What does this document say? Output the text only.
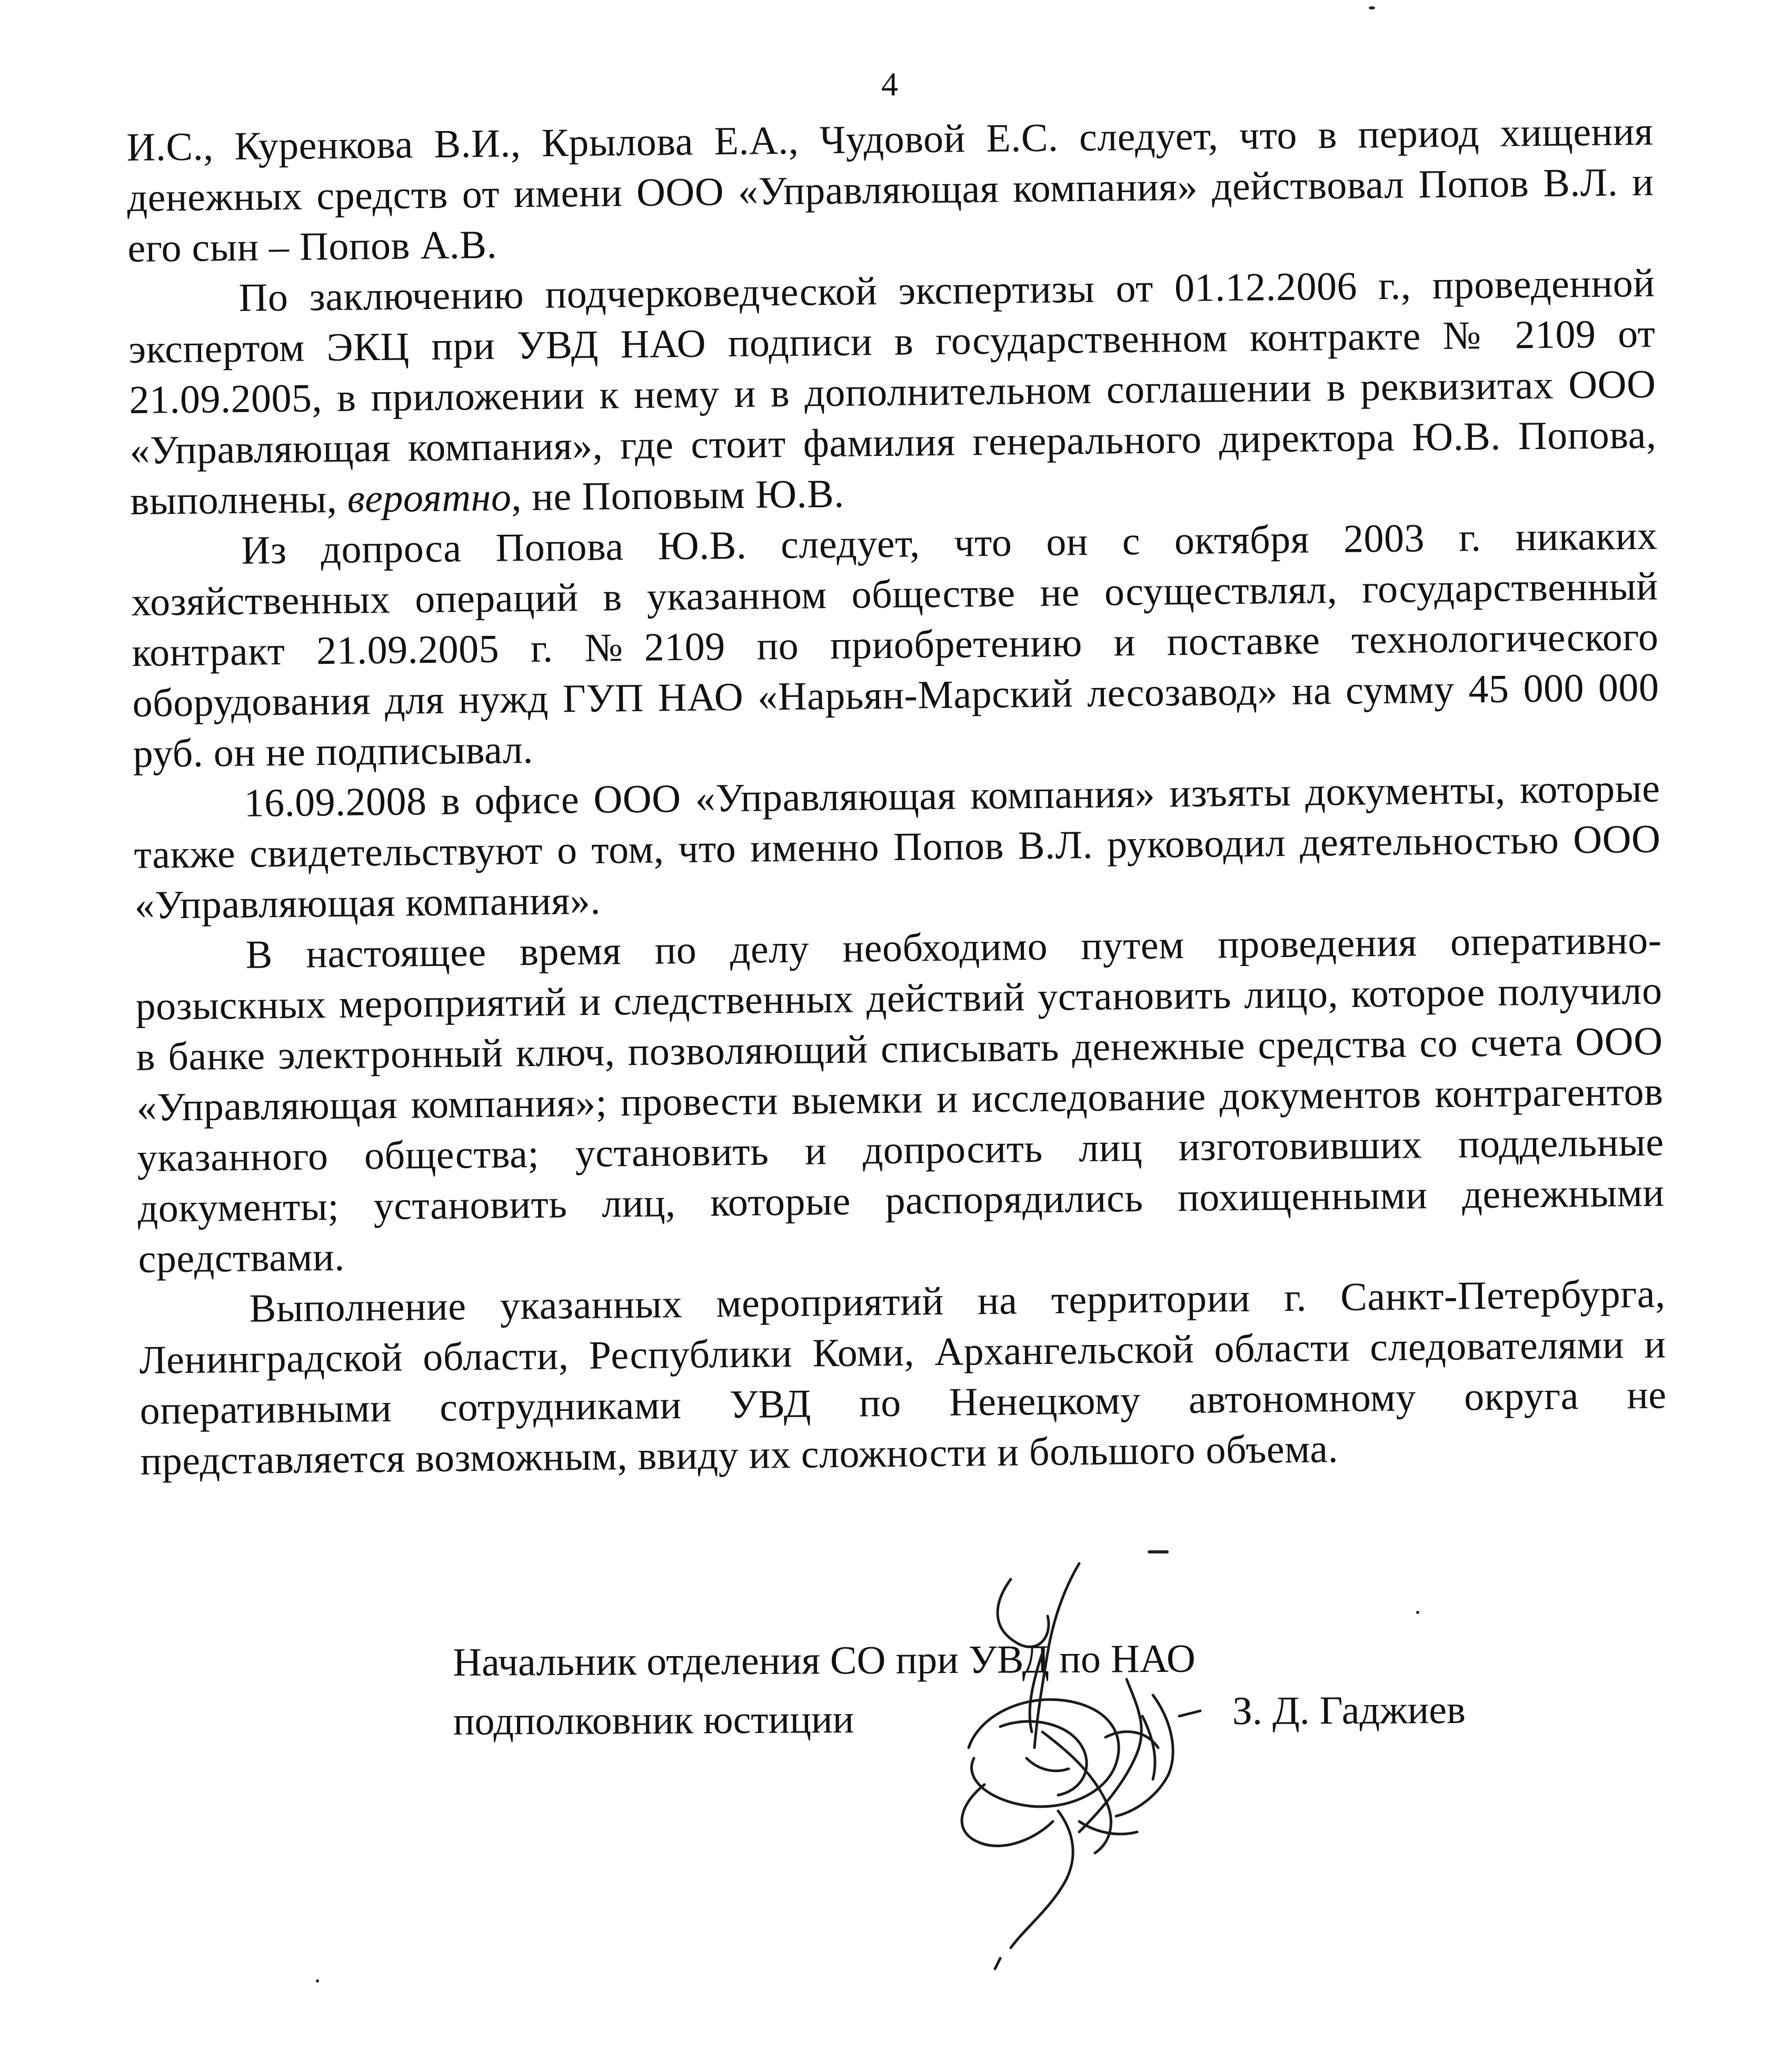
4

И.С., Куренкова В.И., Крылова Е.А., Чудовой Е.С. следует, что в период хищения денежных средств от имени ООО «Управляющая компания» действовал Попов В.Л. и его сын – Попов А.В.

По заключению подчерковедческой экспертизы от 01.12.2006 г., проведенной экспертом ЭКЦ при УВД НАО подписи в государственном контракте № 2109 от 21.09.2005, в приложении к нему и в дополнительном соглашении в реквизитах ООО «Управляющая компания», где стоит фамилия генерального директора Ю.В. Попова, выполнены, вероятно, не Поповым Ю.В.

Из допроса Попова Ю.В. следует, что он с октября 2003 г. никаких хозяйственных операций в указанном обществе не осуществлял, государственный контракт 21.09.2005 г. №2109 по приобретению и поставке технологического оборудования для нужд ГУП НАО «Нарьян-Марский лесозавод» на сумму 45 000 000 руб. он не подписывал.

16.09.2008 в офисе ООО «Управляющая компания» изъяты документы, которые также свидетельствуют о том, что именно Попов В.Л. руководил деятельностью ООО «Управляющая компания».

В настоящее время по делу необходимо путем проведения оперативно-розыскных мероприятий и следственных действий установить лицо, которое получило в банке электронный ключ, позволяющий списывать денежные средства со счета ООО «Управляющая компания»; провести выемки и исследование документов контрагентов указанного общества; установить и допросить лиц изготовивших поддельные документы; установить лиц, которые распорядились похищенными денежными средствами.

Выполнение указанных мероприятий на территории г. Санкт-Петербурга, Ленинградской области, Республики Коми, Архангельской области следователями и оперативными сотрудниками УВД по Ненецкому автономному округа не представляется возможным, ввиду их сложности и большого объема.

Начальник отделения СО при УВД по НАО
подполковник юстиции	З. Д. Гаджиев
